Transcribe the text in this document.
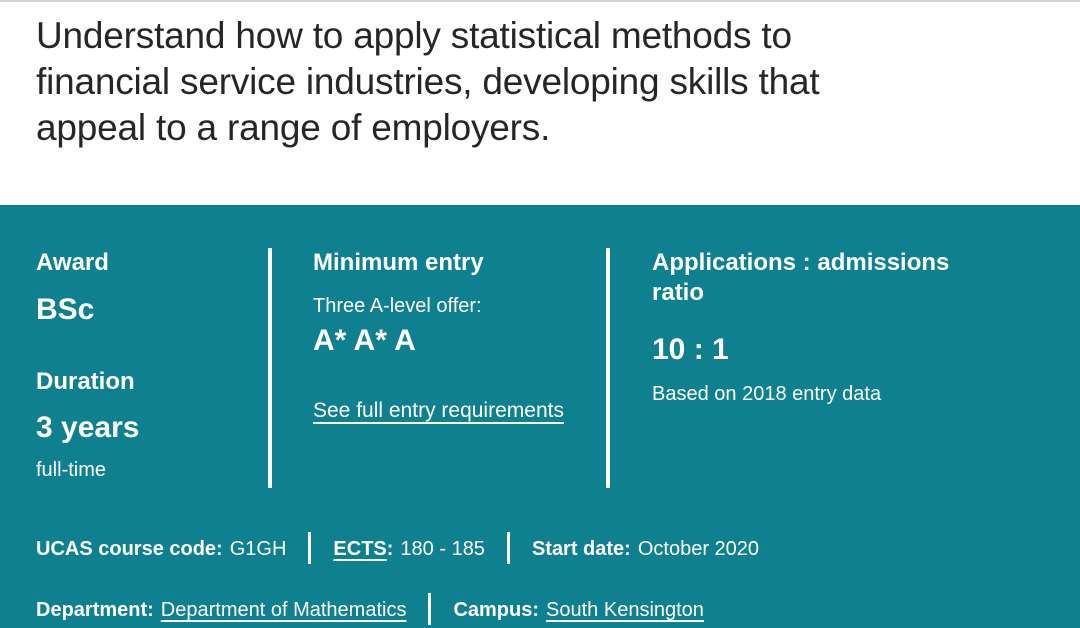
Understand how to apply statistical methods to
financial service industries, developing skills that
appeal to a range of employers.
Award
BSc
Duration
3 years
full-time
Minimum entry
Three A-level offer:
A* A* A
See full entry requirements
Applications : admissions ratio
10 : 1
Based on 2018 entry data
UCAS course code: G1GH ECTS: 180 - 185 Start date: October 2020
Department: Department of Mathematics Campus: South Kensington
